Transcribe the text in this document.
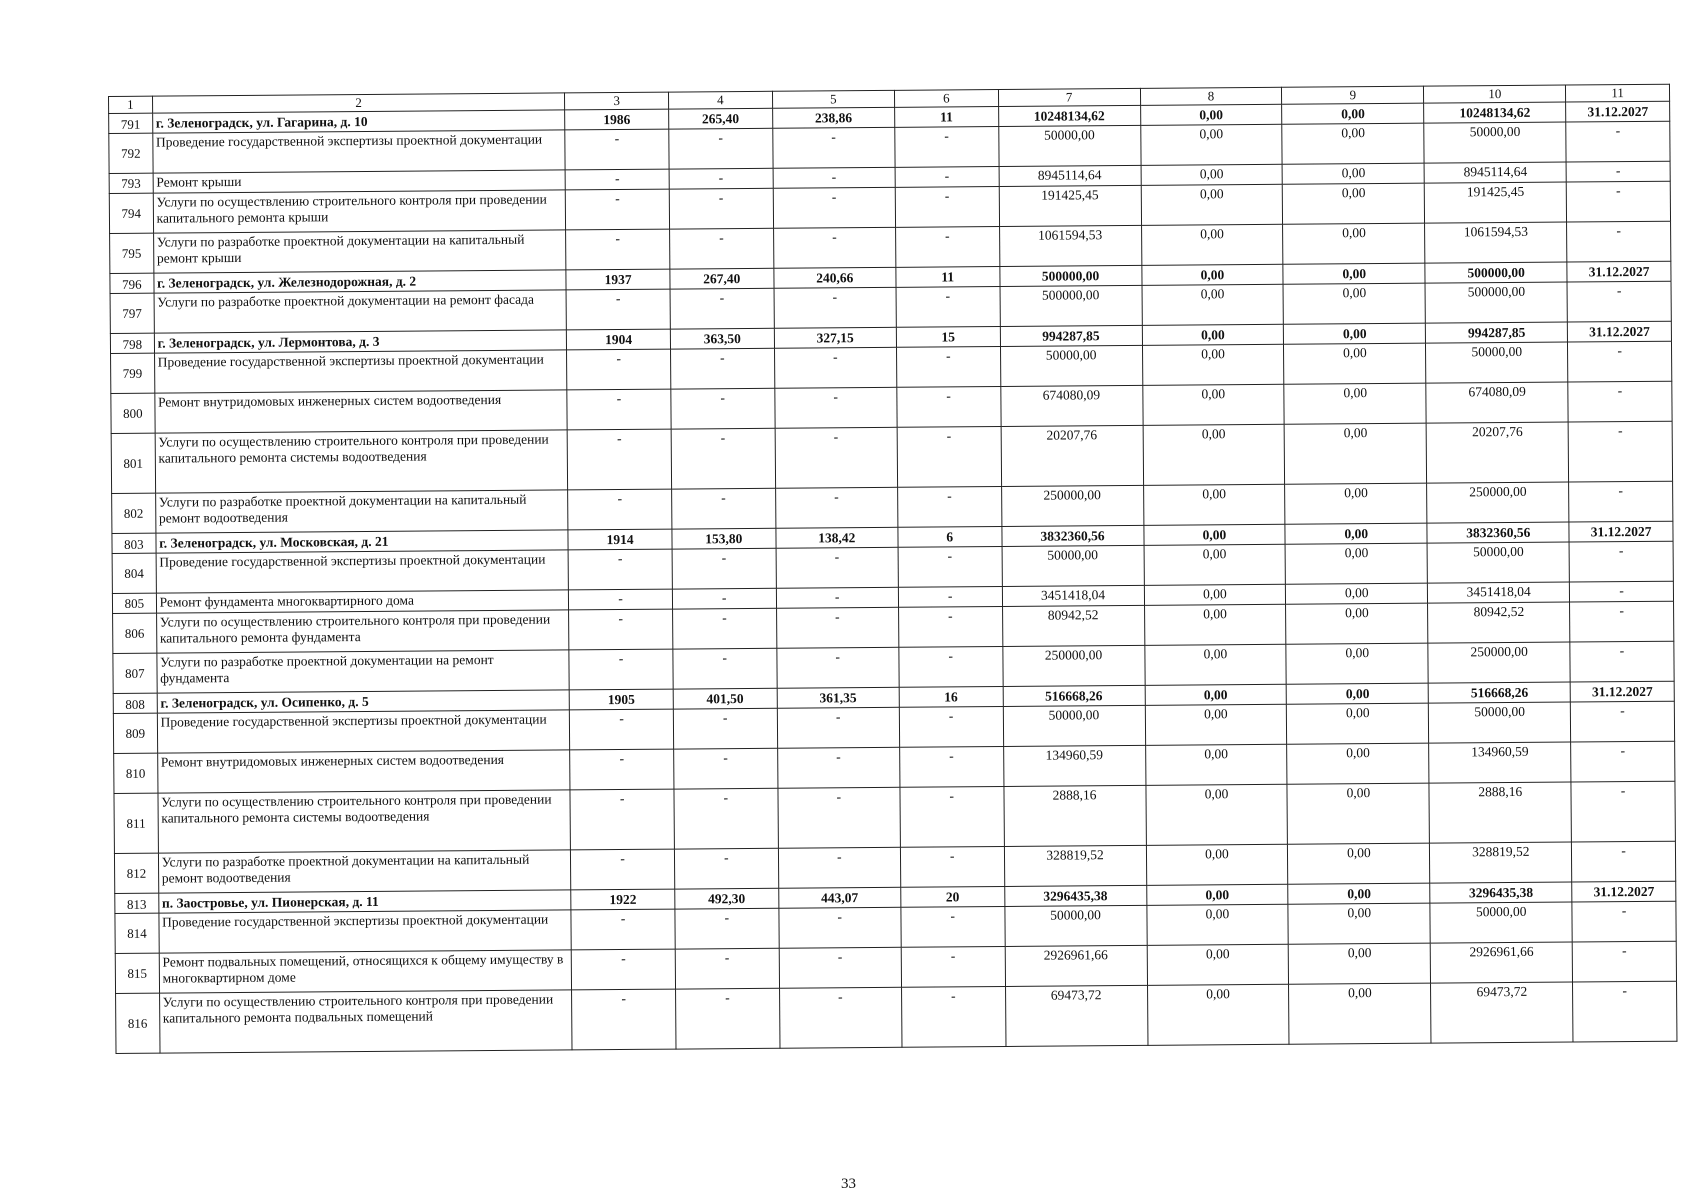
1	2	3	4	5	6	7	8	9	10	11
791	г. Зеленоградск, ул. Гагарина, д. 10	1986	265,40	238,86	11	10248134,62	0,00	0,00	10248134,62	31.12.2027
792	Проведение государственной экспертизы проектной документации	-	-	-	-	50000,00	0,00	0,00	50000,00	-
793	Ремонт крыши	-	-	-	-	8945114,64	0,00	0,00	8945114,64	-
794	Услуги по осуществлению строительного контроля при проведении капитального ремонта крыши	-	-	-	-	191425,45	0,00	0,00	191425,45	-
795	Услуги по разработке проектной документации на капитальный ремонт крыши	-	-	-	-	1061594,53	0,00	0,00	1061594,53	-
796	г. Зеленоградск, ул. Железнодорожная, д. 2	1937	267,40	240,66	11	500000,00	0,00	0,00	500000,00	31.12.2027
797	Услуги по разработке проектной документации на ремонт фасада	-	-	-	-	500000,00	0,00	0,00	500000,00	-
798	г. Зеленоградск, ул. Лермонтова, д. 3	1904	363,50	327,15	15	994287,85	0,00	0,00	994287,85	31.12.2027
799	Проведение государственной экспертизы проектной документации	-	-	-	-	50000,00	0,00	0,00	50000,00	-
800	Ремонт внутридомовых инженерных систем водоотведения	-	-	-	-	674080,09	0,00	0,00	674080,09	-
801	Услуги по осуществлению строительного контроля при проведении капитального ремонта системы водоотведения	-	-	-	-	20207,76	0,00	0,00	20207,76	-
802	Услуги по разработке проектной документации на капитальный ремонт водоотведения	-	-	-	-	250000,00	0,00	0,00	250000,00	-
803	г. Зеленоградск, ул. Московская, д. 21	1914	153,80	138,42	6	3832360,56	0,00	0,00	3832360,56	31.12.2027
804	Проведение государственной экспертизы проектной документации	-	-	-	-	50000,00	0,00	0,00	50000,00	-
805	Ремонт фундамента многоквартирного дома	-	-	-	-	3451418,04	0,00	0,00	3451418,04	-
806	Услуги по осуществлению строительного контроля при проведении капитального ремонта фундамента	-	-	-	-	80942,52	0,00	0,00	80942,52	-
807	Услуги по разработке проектной документации на ремонт фундамента	-	-	-	-	250000,00	0,00	0,00	250000,00	-
808	г. Зеленоградск, ул. Осипенко, д. 5	1905	401,50	361,35	16	516668,26	0,00	0,00	516668,26	31.12.2027
809	Проведение государственной экспертизы проектной документации	-	-	-	-	50000,00	0,00	0,00	50000,00	-
810	Ремонт внутридомовых инженерных систем водоотведения	-	-	-	-	134960,59	0,00	0,00	134960,59	-
811	Услуги по осуществлению строительного контроля при проведении капитального ремонта системы водоотведения	-	-	-	-	2888,16	0,00	0,00	2888,16	-
812	Услуги по разработке проектной документации на капитальный ремонт водоотведения	-	-	-	-	328819,52	0,00	0,00	328819,52	-
813	п. Заостровье, ул. Пионерская, д. 11	1922	492,30	443,07	20	3296435,38	0,00	0,00	3296435,38	31.12.2027
814	Проведение государственной экспертизы проектной документации	-	-	-	-	50000,00	0,00	0,00	50000,00	-
815	Ремонт подвальных помещений, относящихся к общему имуществу в многоквартирном доме	-	-	-	-	2926961,66	0,00	0,00	2926961,66	-
816	Услуги по осуществлению строительного контроля при проведении капитального ремонта подвальных помещений	-	-	-	-	69473,72	0,00	0,00	69473,72	-
33
